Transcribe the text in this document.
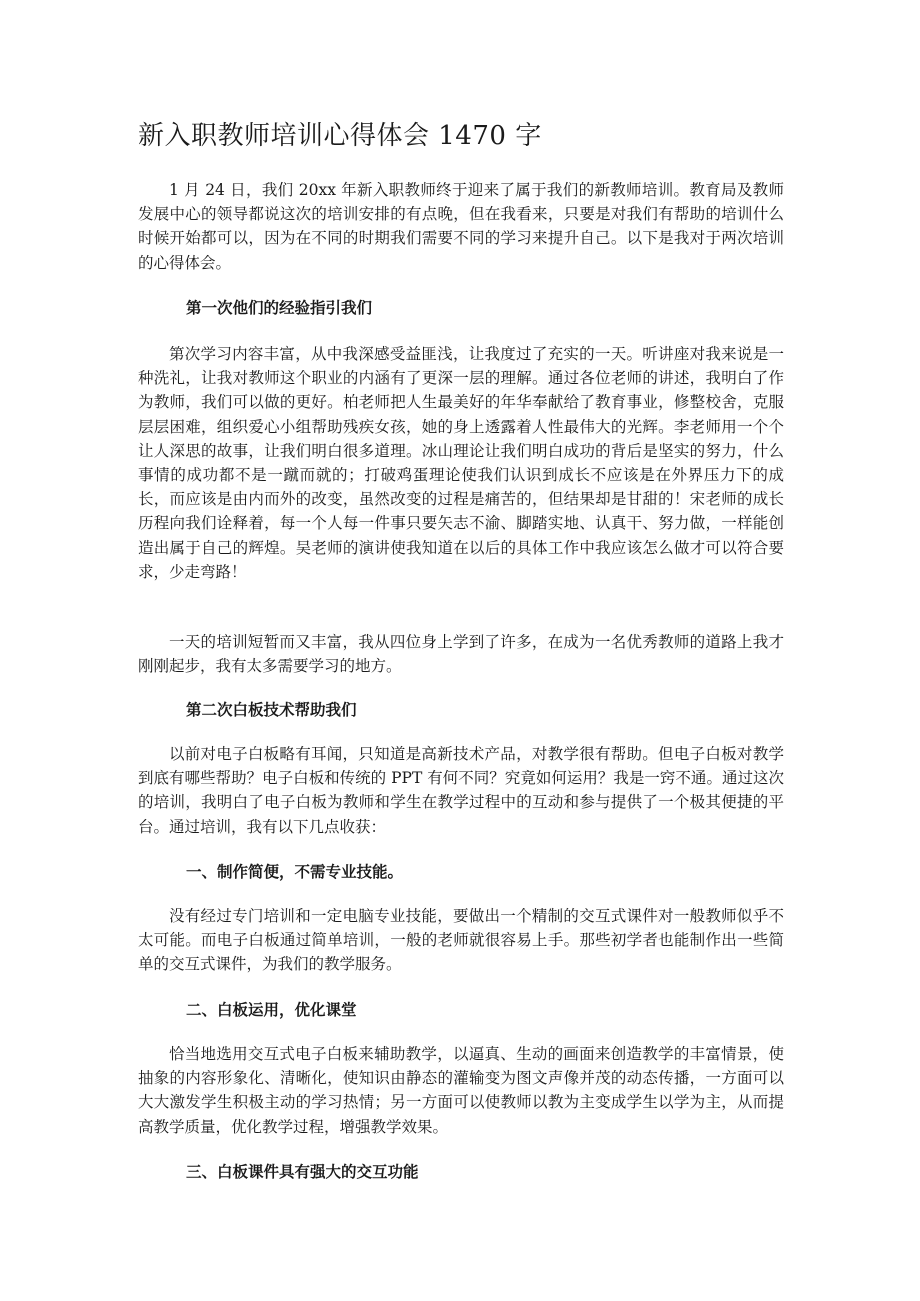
新入职教师培训心得体会 1470 字

1 月 24 日，我们 20xx 年新入职教师终于迎来了属于我们的新教师培训。教育局及教师发展中心的领导都说这次的培训安排的有点晚，但在我看来，只要是对我们有帮助的培训什么时候开始都可以，因为在不同的时期我们需要不同的学习来提升自己。以下是我对于两次培训的心得体会。

第一次他们的经验指引我们

第次学习内容丰富，从中我深感受益匪浅，让我度过了充实的一天。听讲座对我来说是一种洗礼，让我对教师这个职业的内涵有了更深一层的理解。通过各位老师的讲述，我明白了作为教师，我们可以做的更好。柏老师把人生最美好的年华奉献给了教育事业，修整校舍，克服层层困难，组织爱心小组帮助残疾女孩，她的身上透露着人性最伟大的光辉。李老师用一个个让人深思的故事，让我们明白很多道理。冰山理论让我们明白成功的背后是坚实的努力，什么事情的成功都不是一蹴而就的；打破鸡蛋理论使我们认识到成长不应该是在外界压力下的成长，而应该是由内而外的改变，虽然改变的过程是痛苦的，但结果却是甘甜的！宋老师的成长历程向我们诠释着，每一个人每一件事只要矢志不渝、脚踏实地、认真干、努力做，一样能创造出属于自己的辉煌。吴老师的演讲使我知道在以后的具体工作中我应该怎么做才可以符合要求，少走弯路！

一天的培训短暂而又丰富，我从四位身上学到了许多，在成为一名优秀教师的道路上我才刚刚起步，我有太多需要学习的地方。

第二次白板技术帮助我们

以前对电子白板略有耳闻，只知道是高新技术产品，对教学很有帮助。但电子白板对教学到底有哪些帮助？电子白板和传统的 PPT 有何不同？究竟如何运用？我是一窍不通。通过这次的培训，我明白了电子白板为教师和学生在教学过程中的互动和参与提供了一个极其便捷的平台。通过培训，我有以下几点收获：

一、制作简便，不需专业技能。

没有经过专门培训和一定电脑专业技能，要做出一个精制的交互式课件对一般教师似乎不太可能。而电子白板通过简单培训，一般的老师就很容易上手。那些初学者也能制作出一些简单的交互式课件，为我们的教学服务。

二、白板运用，优化课堂

恰当地选用交互式电子白板来辅助教学，以逼真、生动的画面来创造教学的丰富情景，使抽象的内容形象化、清晰化，使知识由静态的灌输变为图文声像并茂的动态传播，一方面可以大大激发学生积极主动的学习热情；另一方面可以使教师以教为主变成学生以学为主，从而提高教学质量，优化教学过程，增强教学效果。

三、白板课件具有强大的交互功能
